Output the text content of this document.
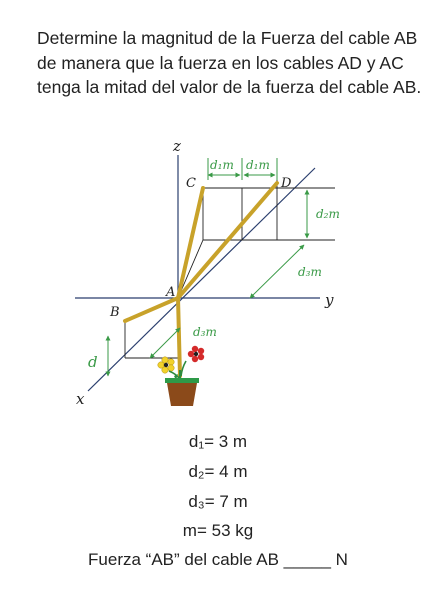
Determine la magnitud de la Fuerza del cable AB de manera que la fuerza en los cables AD y AC tenga la mitad del valor de la fuerza del cable AB.

z
y
x
A
B
C	D
d₁m d₁m
d₂m
d₃m
d₃m
d
d₁= 3 m
d₂= 4 m
d₃= 7 m
m= 53 kg
Fuerza “AB” del cable AB _____ N
